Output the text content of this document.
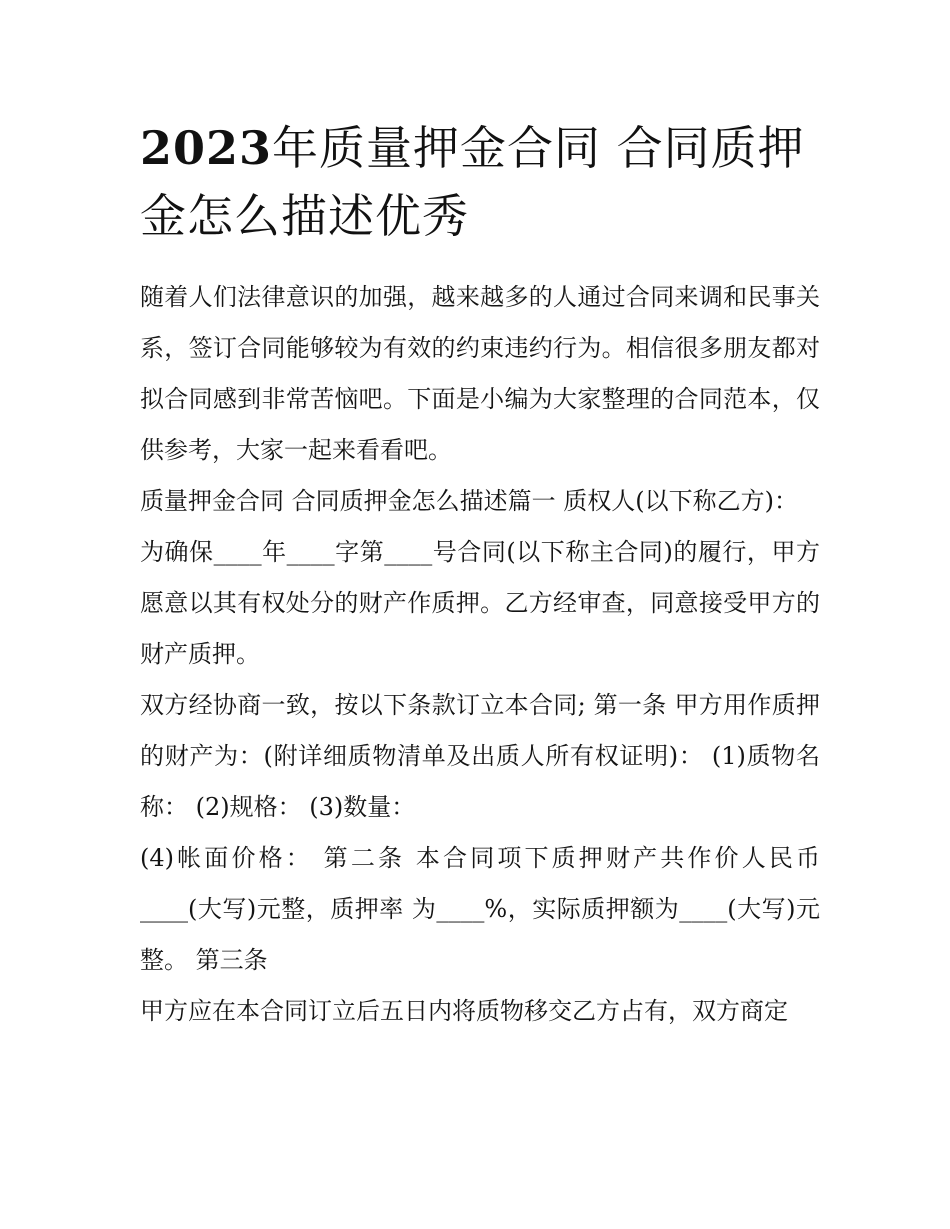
2023年质量押金合同 合同质押金怎么描述优秀

随着人们法律意识的加强，越来越多的人通过合同来调和民事关系，签订合同能够较为有效的约束违约行为。相信很多朋友都对拟合同感到非常苦恼吧。下面是小编为大家整理的合同范本，仅供参考，大家一起来看看吧。

质量押金合同 合同质押金怎么描述篇一 质权人(以下称乙方)：

为确保____年____字第____号合同(以下称主合同)的履行，甲方愿意以其有权处分的财产作质押。乙方经审查，同意接受甲方的财产质押。

双方经协商一致，按以下条款订立本合同; 第一条 甲方用作质押的财产为：(附详细质物清单及出质人所有权证明)： (1)质物名称： (2)规格： (3)数量：

(4)帐面价格： 第二条 本合同项下质押财产共作价人民币____(大写)元整，质押率 为____%，实际质押额为____(大写)元整。 第三条

甲方应在本合同订立后五日内将质物移交乙方占有，双方商定
